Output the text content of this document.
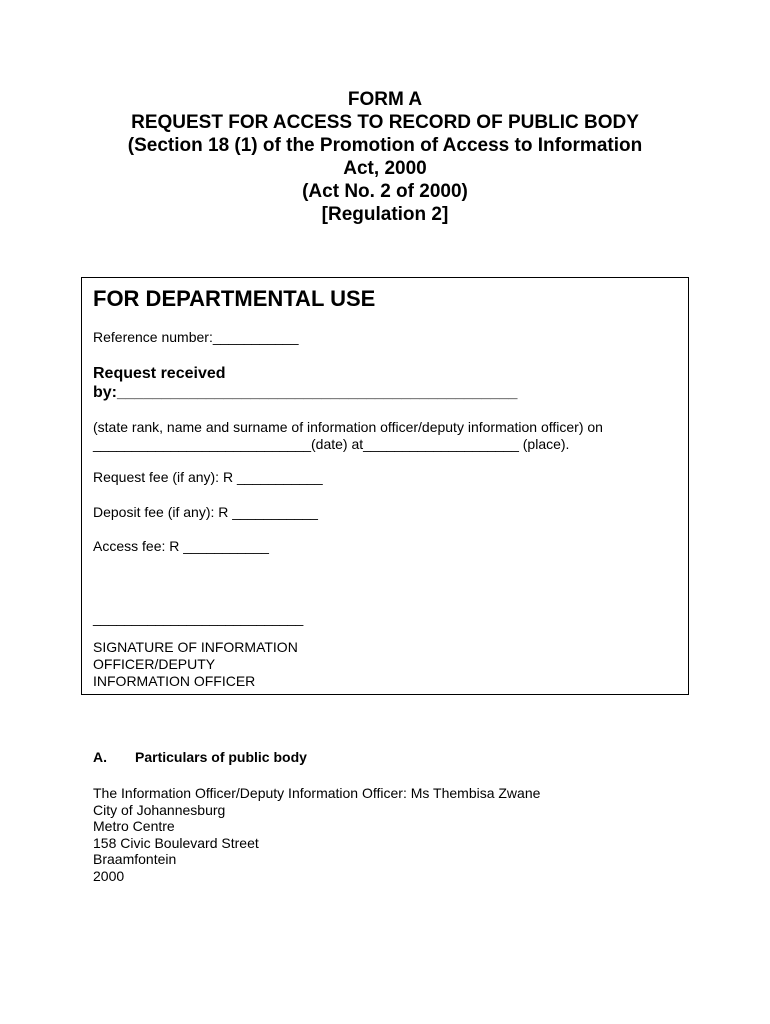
FORM A
REQUEST FOR ACCESS TO RECORD OF PUBLIC BODY
(Section 18 (1) of the Promotion of Access to Information
Act, 2000
(Act No. 2 of 2000)
[Regulation 2]
FOR DEPARTMENTAL USE
Reference number:___________
Request received
by:_____________________________________________
(state rank, name and surname of information officer/deputy information officer) on
____________________________(date) at____________________ (place).
Request fee (if any): R ___________
Deposit fee (if any): R ___________
Access fee: R ___________
___________________________
SIGNATURE OF INFORMATION
OFFICER/DEPUTY
INFORMATION OFFICER
A. Particulars of public body
The Information Officer/Deputy Information Officer: Ms Thembisa Zwane
City of Johannesburg
Metro Centre
158 Civic Boulevard Street
Braamfontein
2000
